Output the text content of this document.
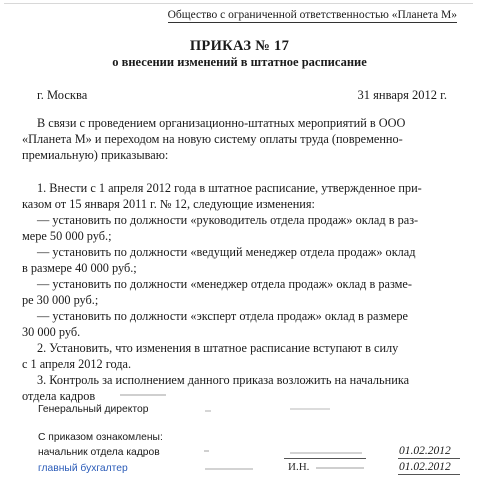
Общество с ограниченной ответственностью «Планета М»
ПРИКАЗ № 17
о внесении изменений в штатное расписание
г. Москва	31 января 2012 г.
В связи с проведением организационно-штатных мероприятий в ООО
«Планета М» и переходом на новую систему оплаты труда (повременно-
премиальную) приказываю:
1. Внести с 1 апреля 2012 года в штатное расписание, утвержденное при-
казом от 15 января 2011 г. № 12, следующие изменения:
— установить по должности «руководитель отдела продаж» оклад в раз-
мере 50 000 руб.;
— установить по должности «ведущий менеджер отдела продаж» оклад
в размере 40 000 руб.;
— установить по должности «менеджер отдела продаж» оклад в разме-
ре 30 000 руб.;
— установить по должности «эксперт отдела продаж» оклад в размере
30 000 руб.
2. Установить, что изменения в штатное расписание вступают в силу
с 1 апреля 2012 года.
3. Контроль за исполнением данного приказа возложить на начальника
отдела кадров
Генеральный директор
С приказом ознакомлены:
начальник отдела кадров	01.02.2012
главный бухгалтер	И.Н.	01.02.2012
